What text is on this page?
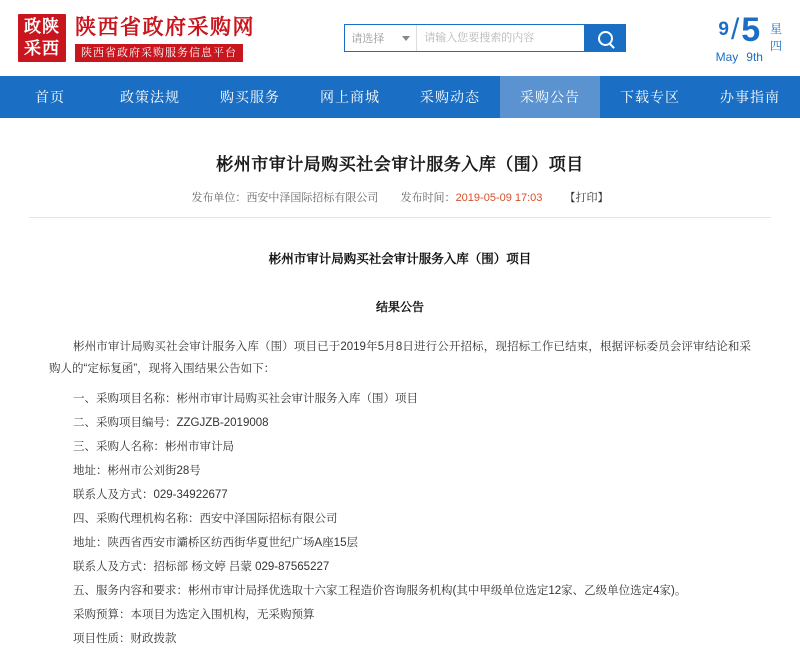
政陕
采西
陕西省政府采购网
陕西省政府采购服务信息平台
请选择
请输入您要搜索的内容	9 / 5
May 9th
星
四
首页	政策法规	购买服务	网上商城	采购动态	采购公告	下载专区	办事指南
彬州市审计局购买社会审计服务入库（围）项目
发布单位：西安中泽国际招标有限公司 发布时间：2019-05-09 17:03 【打印】
彬州市审计局购买社会审计服务入库（围）项目
结果公告

彬州市审计局购买社会审计服务入库（围）项目已于2019年5月8日进行公开招标，现招标工作已结束，根据评标委员会评审结论和采购人的“定标复函”，现将入围结果公告如下：

一、采购项目名称：彬州市审计局购买社会审计服务入库（围）项目

二、采购项目编号：ZZGJZB-2019008

三、采购人名称：彬州市审计局

地址：彬州市公刘街28号

联系人及方式：029-34922677

四、采购代理机构名称：西安中泽国际招标有限公司

地址：陕西省西安市灞桥区纺西街华夏世纪广场A座15层

联系人及方式：招标部 杨文婷 吕蒙 029-87565227

五、服务内容和要求：彬州市审计局择优选取十六家工程造价咨询服务机构(其中甲级单位选定12家、乙级单位选定4家)。

采购预算：本项目为选定入围机构，无采购预算

项目性质：财政拨款
